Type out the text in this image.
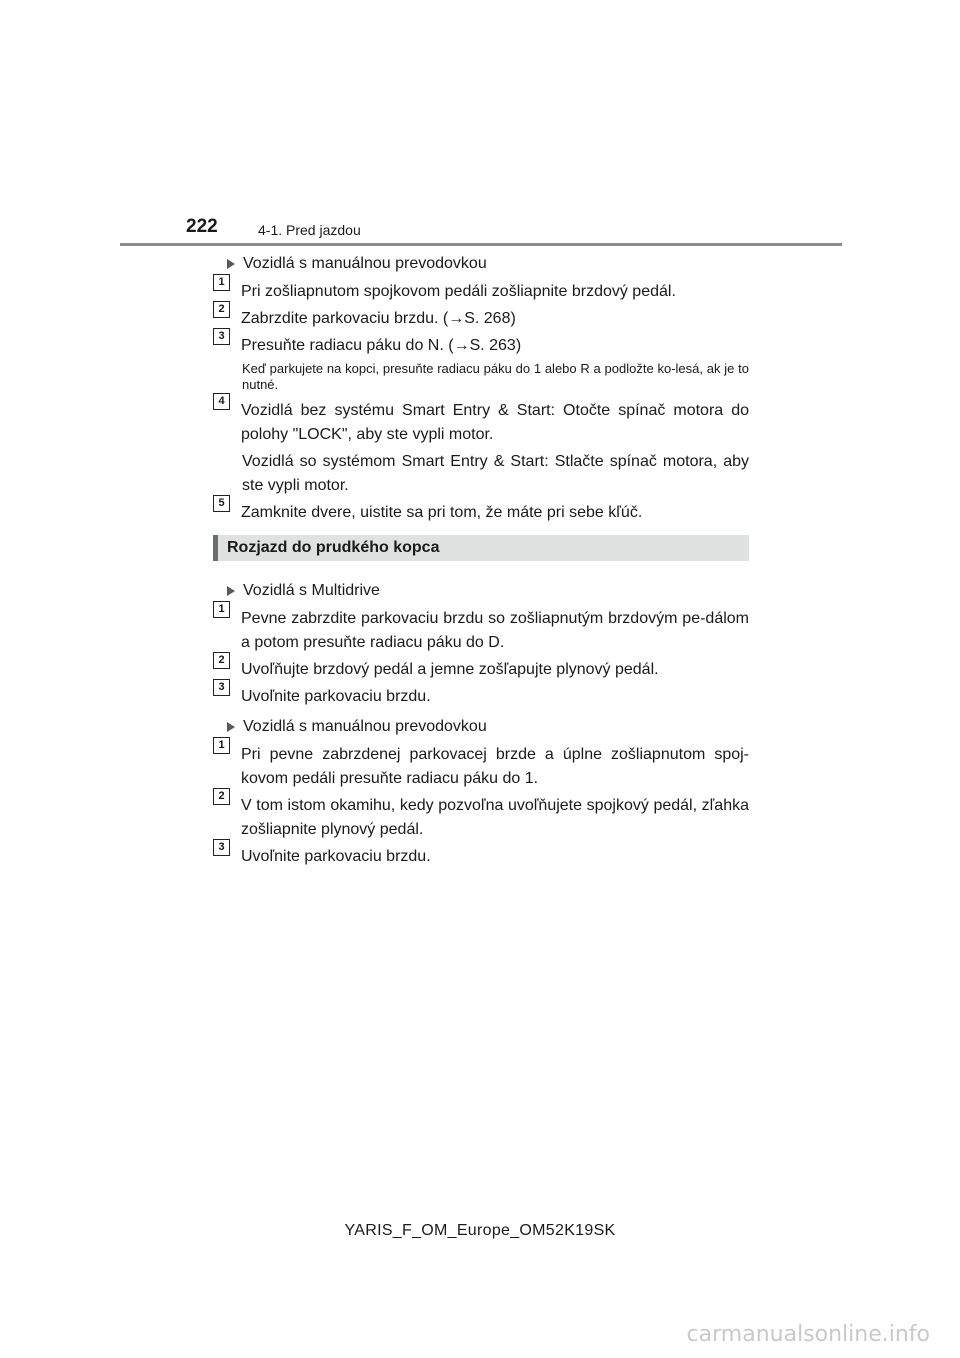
222	4-1. Pred jazdou
Vozidlá s manuálnou prevodovkou
1
Pri zošliapnutom spojkovom pedáli zošliapnite brzdový pedál.
2
Zabrzdite parkovaciu brzdu. (→S. 268)
3
Presuňte radiacu páku do N. (→S. 263)
Keď parkujete na kopci, presuňte radiacu páku do 1 alebo R a podložte ko-lesá, ak je to nutné.
4
Vozidlá bez systému Smart Entry & Start: Otočte spínač motora do polohy "LOCK", aby ste vypli motor.
Vozidlá so systémom Smart Entry & Start: Stlačte spínač motora, aby ste vypli motor.
5
Zamknite dvere, uistite sa pri tom, že máte pri sebe kľúč.
Rozjazd do prudkého kopca
Vozidlá s Multidrive
1
Pevne zabrzdite parkovaciu brzdu so zošliapnutým brzdovým pe-dálom a potom presuňte radiacu páku do D.
2
Uvoľňujte brzdový pedál a jemne zošľapujte plynový pedál.
3
Uvoľnite parkovaciu brzdu.
Vozidlá s manuálnou prevodovkou
1
Pri pevne zabrzdenej parkovacej brzde a úplne zošliapnutom spoj-kovom pedáli presuňte radiacu páku do 1.
2
V tom istom okamihu, kedy pozvoľna uvoľňujete spojkový pedál, zľahka zošliapnite plynový pedál.
3
Uvoľnite parkovaciu brzdu.
YARIS_F_OM_Europe_OM52K19SK
carmanualsonline.info
